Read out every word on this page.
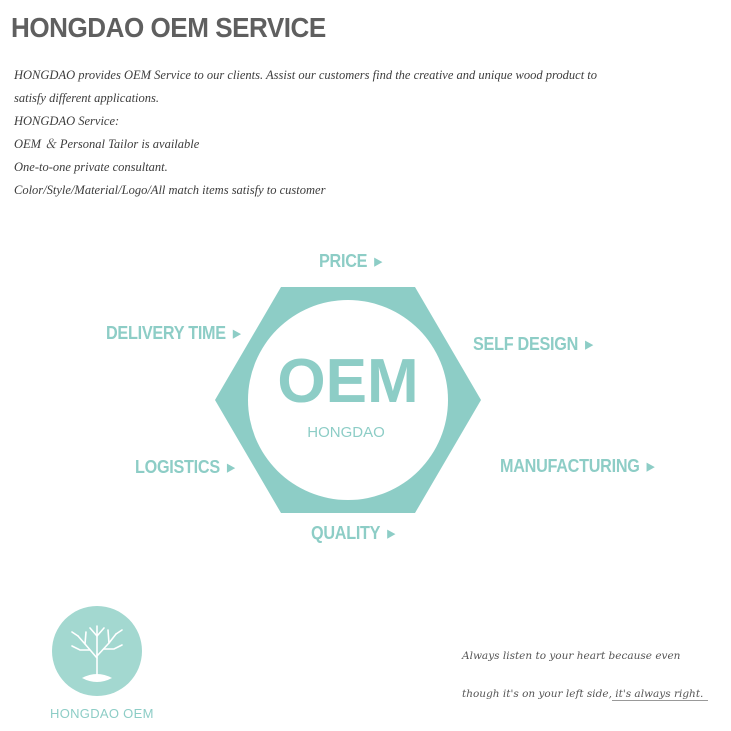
HONGDAO OEM SERVICE
HONGDAO provides OEM Service to our clients. Assist our customers find the creative and unique wood product to
satisfy different applications.
HONGDAO Service:
OEM ＆ Personal Tailor is available
One-to-one private consultant.
Color/Style/Material/Logo/All match items satisfy to customer
OEM
HONGDAO
PRICE ▶
DELIVERY TIME ▶	SELF DESIGN ▶
LOGISTICS ▶	MANUFACTURING ▶
QUALITY ▶
HONGDAO OEM
Always listen to your heart because even
though it's on your left side, it's always right.
